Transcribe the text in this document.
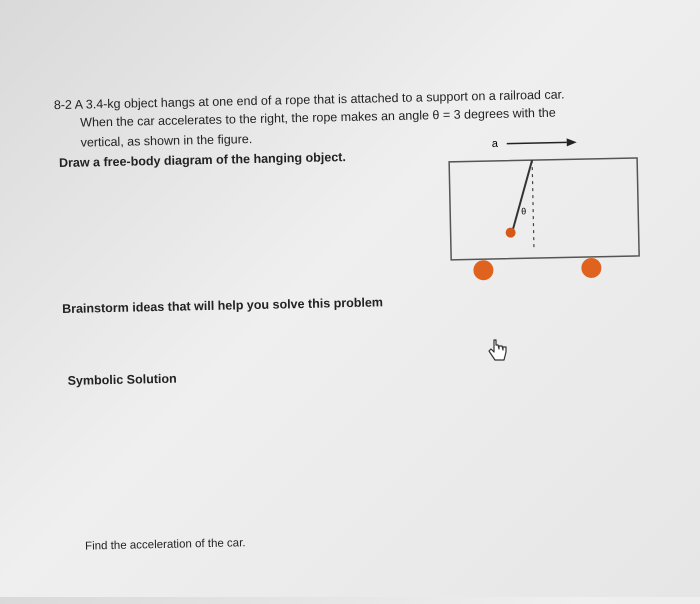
8-2 A 3.4-kg object hangs at one end of a rope that is attached to a support on a railroad car.
When the car accelerates to the right, the rope makes an angle θ = 3 degrees with the
vertical, as shown in the figure.
Draw a free-body diagram of the hanging object.
a
θ
Brainstorm ideas that will help you solve this problem
Symbolic Solution
Find the acceleration of the car.
